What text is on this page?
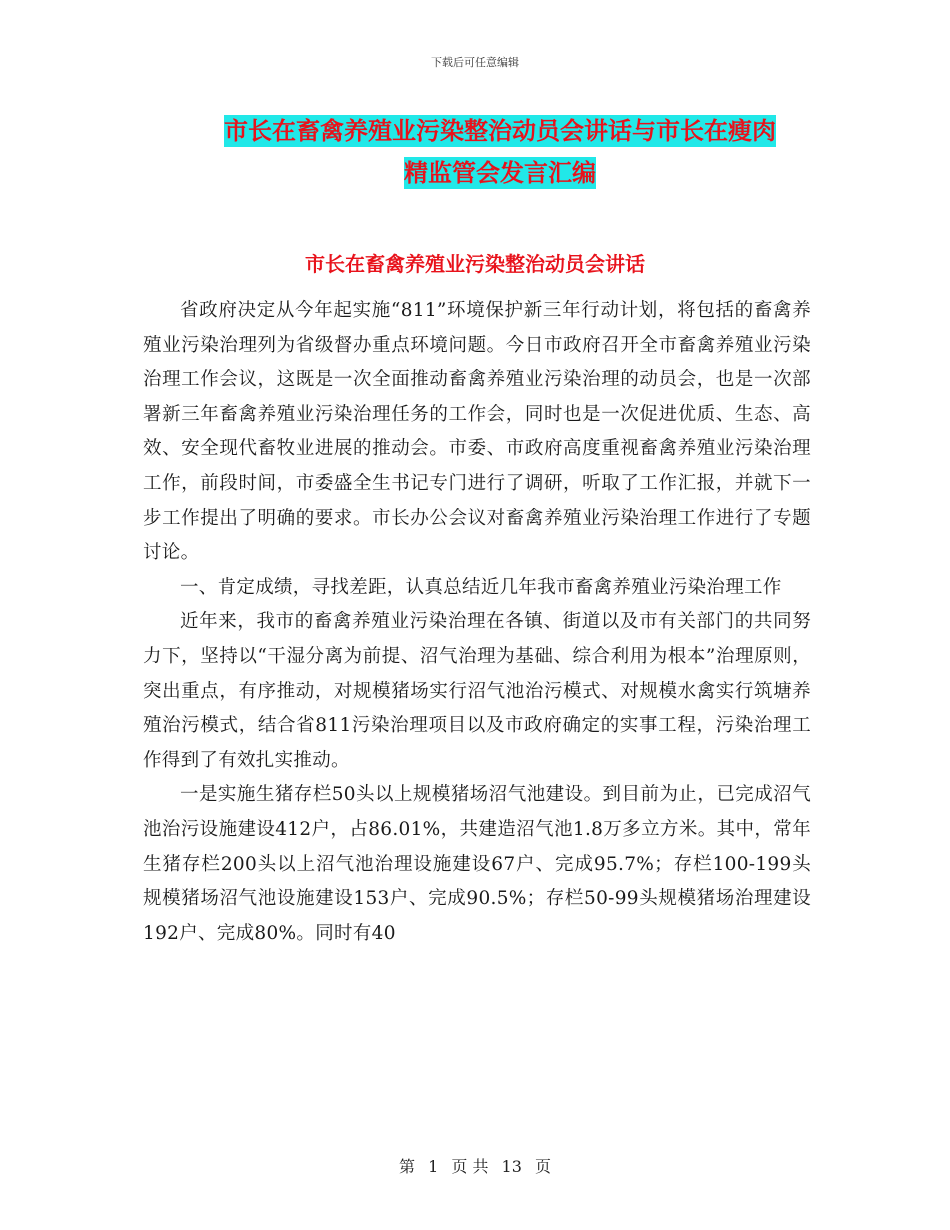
下载后可任意编辑
市长在畜禽养殖业污染整治动员会讲话与市长在瘦肉
精监管会发言汇编
市长在畜禽养殖业污染整治动员会讲话

省政府决定从今年起实施“811”环境保护新三年行动计划，将包括的畜禽养殖业污染治理列为省级督办重点环境问题。今日市政府召开全市畜禽养殖业污染治理工作会议，这既是一次全面推动畜禽养殖业污染治理的动员会，也是一次部署新三年畜禽养殖业污染治理任务的工作会，同时也是一次促进优质、生态、高效、安全现代畜牧业进展的推动会。市委、市政府高度重视畜禽养殖业污染治理工作，前段时间，市委盛全生书记专门进行了调研，听取了工作汇报，并就下一步工作提出了明确的要求。市长办公会议对畜禽养殖业污染治理工作进行了专题讨论。

一、肯定成绩，寻找差距，认真总结近几年我市畜禽养殖业污染治理工作

近年来，我市的畜禽养殖业污染治理在各镇、街道以及市有关部门的共同努力下，坚持以“干湿分离为前提、沼气治理为基础、综合利用为根本”治理原则，突出重点，有序推动，对规模猪场实行沼气池治污模式、对规模水禽实行筑塘养殖治污模式，结合省811污染治理项目以及市政府确定的实事工程，污染治理工作得到了有效扎实推动。

一是实施生猪存栏50头以上规模猪场沼气池建设。到目前为止，已完成沼气池治污设施建设412户，占86.01%，共建造沼气池1.8万多立方米。其中，常年生猪存栏200头以上沼气池治理设施建设67户、完成95.7%；存栏100-199头规模猪场沼气池设施建设153户、完成90.5%；存栏50-99头规模猪场治理建设192户、完成80%。同时有40

第 1 页 共 13 页
